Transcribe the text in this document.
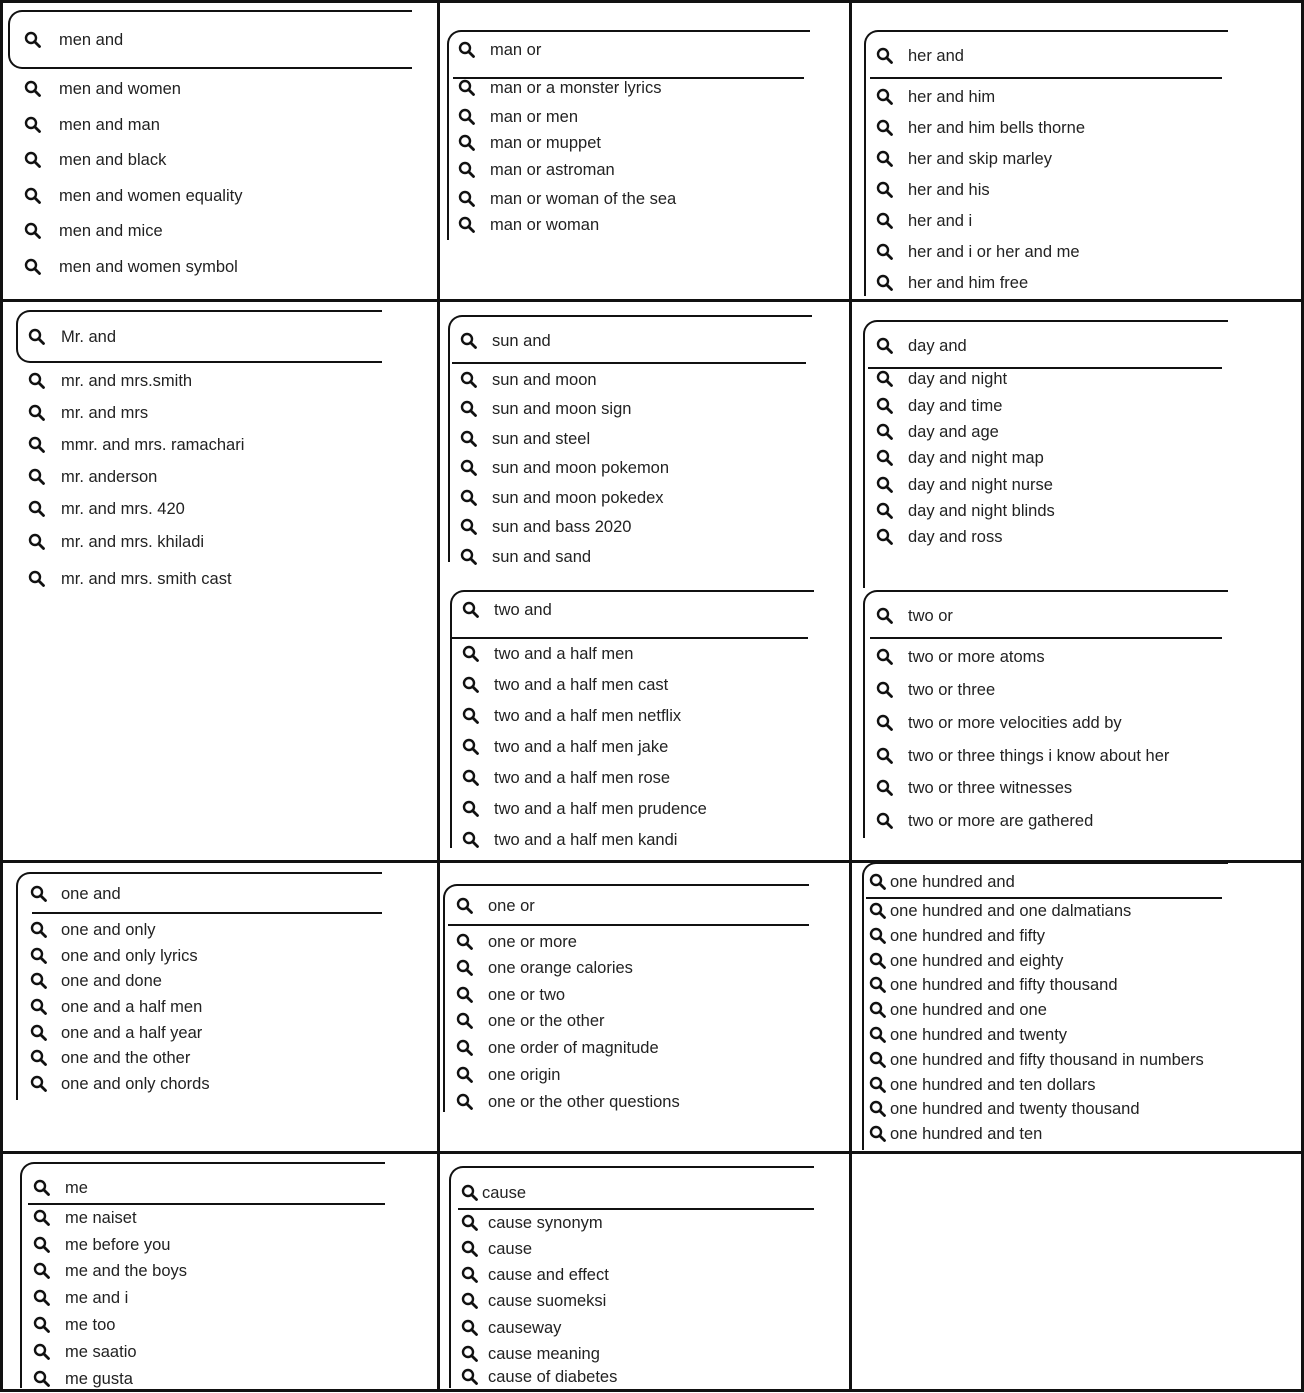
men and
men and women
men and man
men and black
men and women equality
men and mice
men and women symbol
man or
man or a monster lyrics
man or men
man or muppet
man or astroman
man or woman of the sea
man or woman
her and
her and him
her and him bells thorne
her and skip marley
her and his
her and i
her and i or her and me
her and him free
Mr. and
mr. and mrs.smith
mr. and mrs
mmr. and mrs. ramachari
mr. anderson
mr. and mrs. 420
mr. and mrs. khiladi
mr. and mrs. smith cast
sun and
sun and moon
sun and moon sign
sun and steel
sun and moon pokemon
sun and moon pokedex
sun and bass 2020
sun and sand
day and
day and night
day and time
day and age
day and night map
day and night nurse
day and night blinds
day and ross
two and
two and a half men
two and a half men cast
two and a half men netflix
two and a half men jake
two and a half men rose
two and a half men prudence
two and a half men kandi
two or
two or more atoms
two or three
two or more velocities add by
two or three things i know about her
two or three witnesses
two or more are gathered
one and
one and only
one and only lyrics
one and done
one and a half men
one and a half year
one and the other
one and only chords
one or
one or more
one orange calories
one or two
one or the other
one order of magnitude
one origin
one or the other questions
one hundred and
one hundred and one dalmatians
one hundred and fifty
one hundred and eighty
one hundred and fifty thousand
one hundred and one
one hundred and twenty
one hundred and fifty thousand in numbers
one hundred and ten dollars
one hundred and twenty thousand
one hundred and ten
me
me naiset
me before you
me and the boys
me and i
me too
me saatio
me gusta
cause
cause synonym
cause
cause and effect
cause suomeksi
causeway
cause meaning
cause of diabetes
